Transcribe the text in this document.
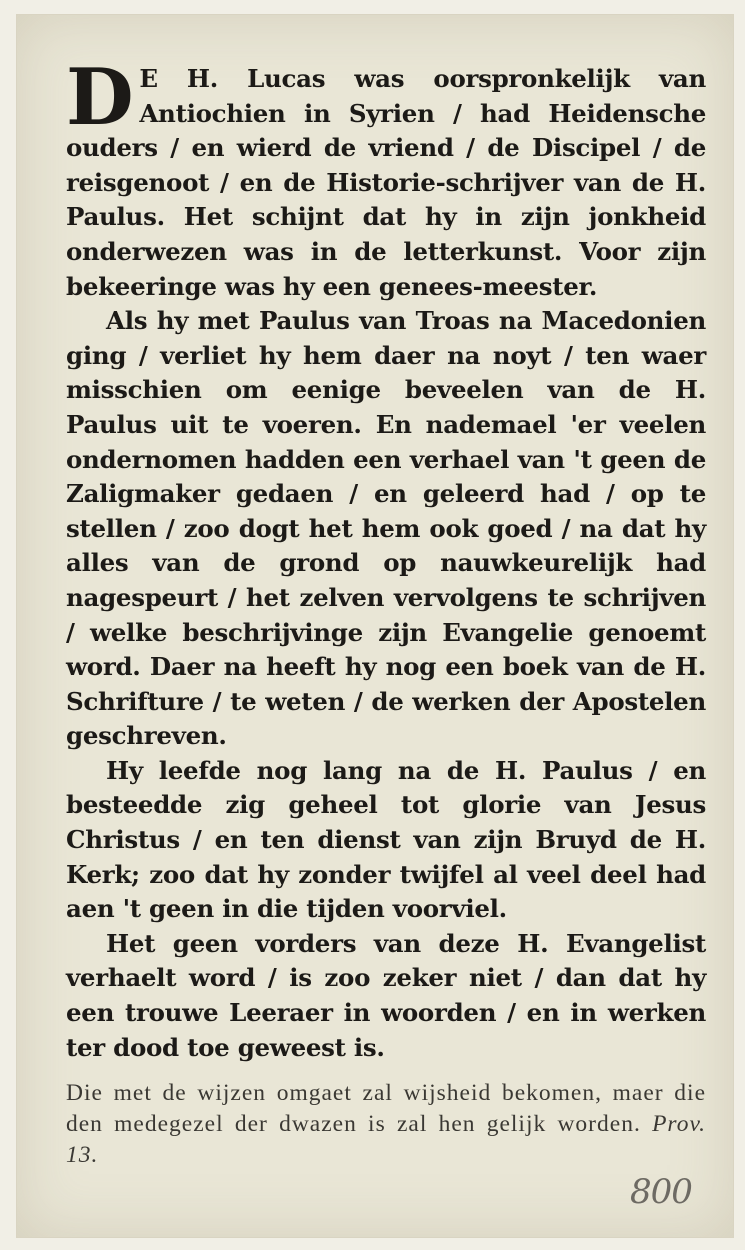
D E H. Lucas was oorspronkelijk van Antiochien in Syrien / had Heidensche ouders / en wierd de vriend / de Discipel / de reisgenoot / en de Historie-schrijver van de H. Paulus. Het schijnt dat hy in zijn jonkheid onderwezen was in de letterkunst. Voor zijn bekeeringe was hy een genees-meester.

Als hy met Paulus van Troas na Macedonien ging / verliet hy hem daer na noyt / ten waer misschien om eenige beveelen van de H. Paulus uit te voeren. En nademael 'er veelen ondernomen hadden een verhael van 't geen de Zaligmaker gedaen / en geleerd had / op te stellen / zoo dogt het hem ook goed / na dat hy alles van de grond op nauwkeurelijk had nagespeurt / het zelven vervolgens te schrijven / welke beschrijvinge zijn Evangelie genoemt word. Daer na heeft hy nog een boek van de H. Schrifture / te weten / de werken der Apostelen geschreven.

Hy leefde nog lang na de H. Paulus / en besteedde zig geheel tot glorie van Jesus Christus / en ten dienst van zijn Bruyd de H. Kerk; zoo dat hy zonder twijfel al veel deel had aen 't geen in die tijden voorviel.

Het geen vorders van deze H. Evangelist verhaelt word / is zoo zeker niet / dan dat hy een trouwe Leeraer in woorden / en in werken ter dood toe geweest is.

Die met de wijzen omgaet zal wijsheid bekomen, maer die den medegezel der dwazen is zal hen gelijk worden. Prov. 13.
800
